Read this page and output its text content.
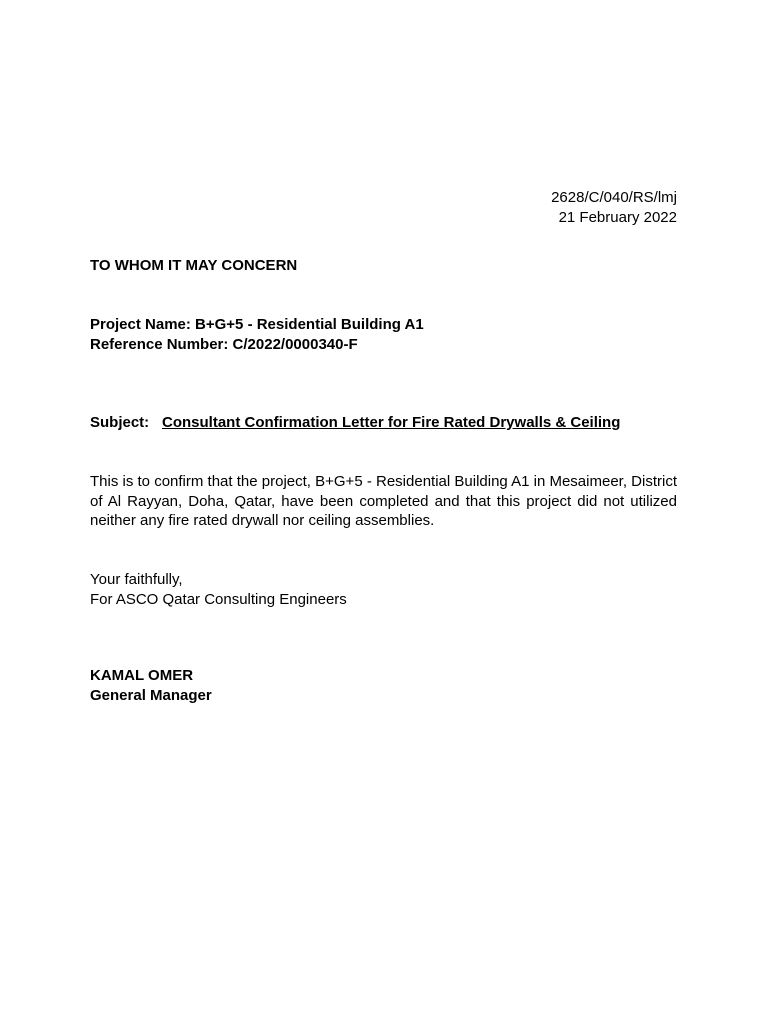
2628/C/040/RS/lmj
21 February 2022
TO WHOM IT MAY CONCERN
Project Name: B+G+5 - Residential Building A1
Reference Number: C/2022/0000340-F
Subject: Consultant Confirmation Letter for Fire Rated Drywalls & Ceiling

This is to confirm that the project, B+G+5 - Residential Building A1 in Mesaimeer, District of Al Rayyan, Doha, Qatar, have been completed and that this project did not utilized neither any fire rated drywall nor ceiling assemblies.

Your faithfully,
For ASCO Qatar Consulting Engineers
KAMAL OMER
General Manager
